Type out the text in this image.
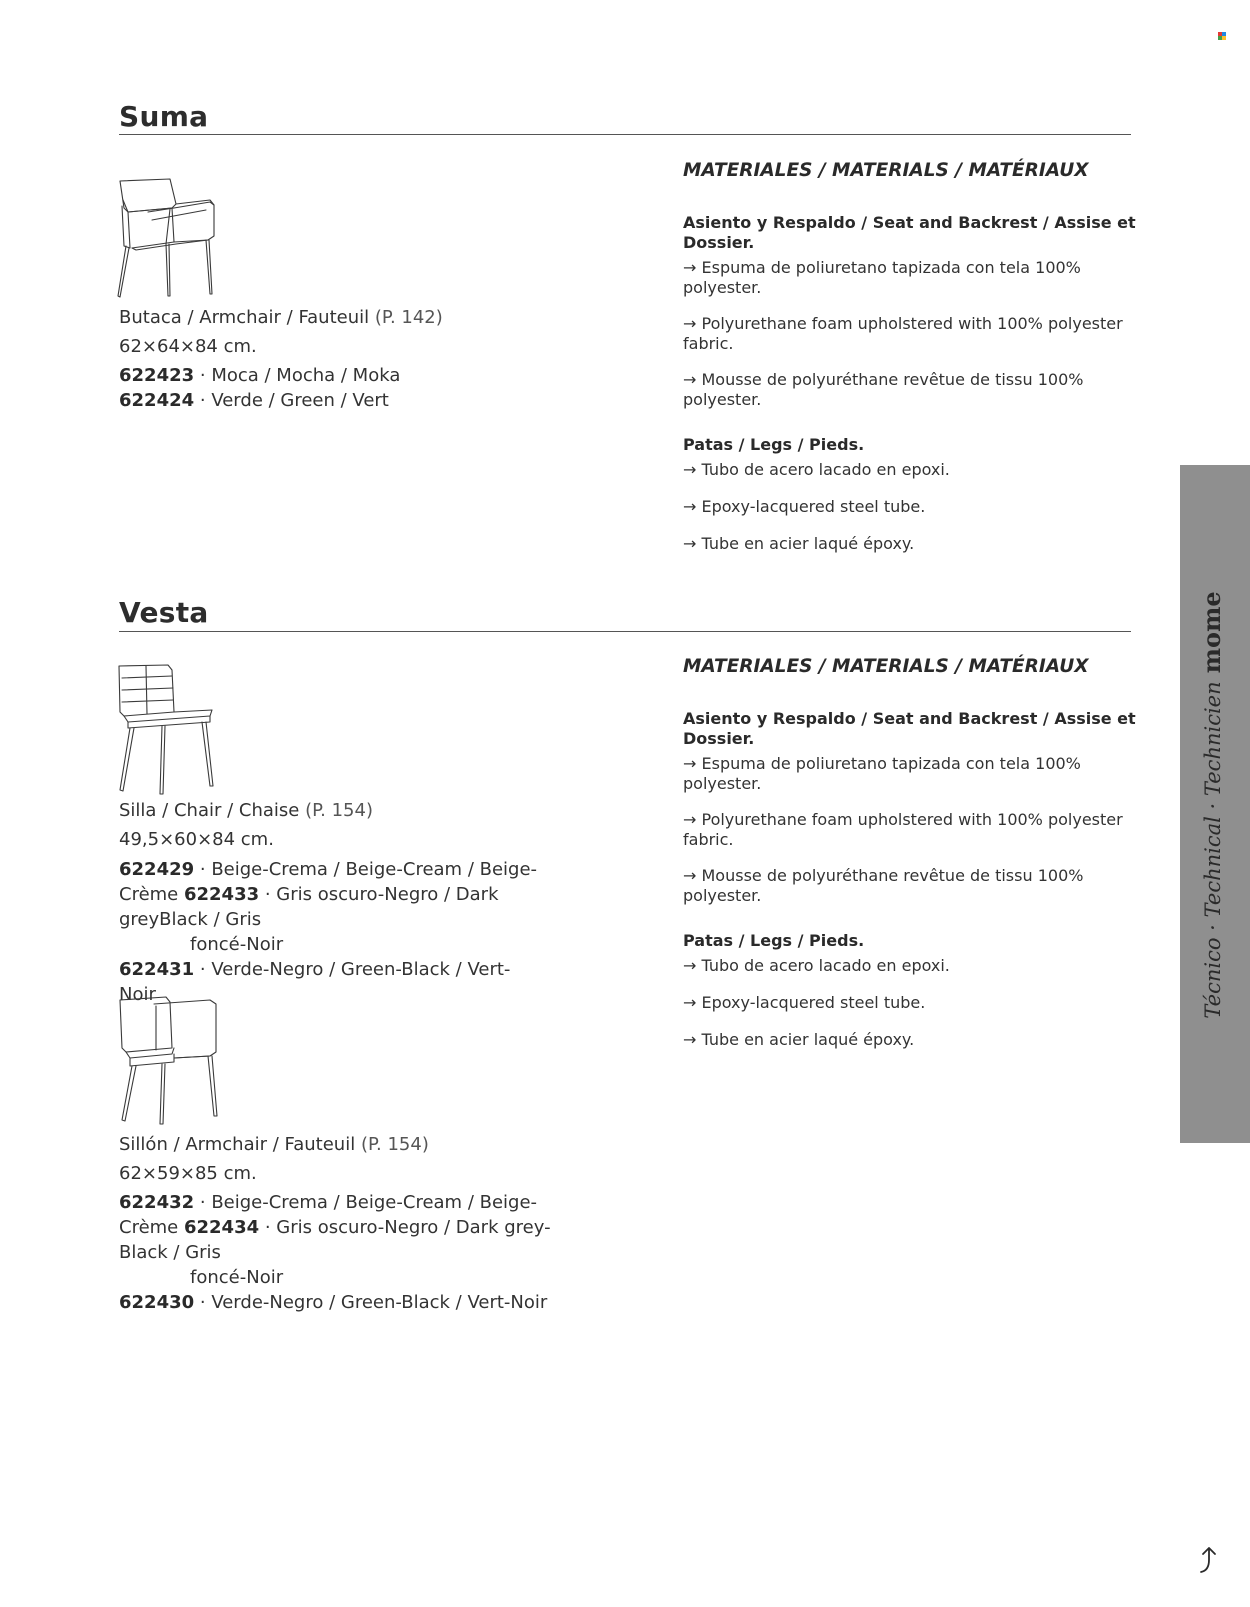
Suma
Butaca / Armchair / Fauteuil (P. 142)
62×64×84 cm.
622423 · Moca / Mocha / Moka
622424 · Verde / Green / Vert
MATERIALES / MATERIALS / MATÉRIAUX

Asiento y Respaldo / Seat and Backrest / Assise et

Dossier.

→ Espuma de poliuretano tapizada con tela 100%

polyester.

→ Polyurethane foam upholstered with 100% polyester

fabric.

→ Mousse de polyuréthane revêtue de tissu 100%

polyester.

Patas / Legs / Pieds.

→ Tubo de acero lacado en epoxi.

→ Epoxy-lacquered steel tube.

→ Tube en acier laqué époxy.

Vesta
Silla / Chair / Chaise (P. 154)
49,5×60×84 cm.
622429 · Beige-Crema / Beige-Cream / Beige-
Crème 622433 · Gris oscuro-Negro / Dark
greyBlack / Gris
foncé-Noir
622431 · Verde-Negro / Green-Black / Vert-
Noir
Sillón / Armchair / Fauteuil (P. 154)
62×59×85 cm.
622432 · Beige-Crema / Beige-Cream / Beige-
Crème 622434 · Gris oscuro-Negro / Dark grey-
Black / Gris
foncé-Noir
622430 · Verde-Negro / Green-Black / Vert-Noir
MATERIALES / MATERIALS / MATÉRIAUX

Asiento y Respaldo / Seat and Backrest / Assise et

Dossier.

→ Espuma de poliuretano tapizada con tela 100%

polyester.

→ Polyurethane foam upholstered with 100% polyester

fabric.

→ Mousse de polyuréthane revêtue de tissu 100%

polyester.

Patas / Legs / Pieds.

→ Tubo de acero lacado en epoxi.

→ Epoxy-lacquered steel tube.

→ Tube en acier laqué époxy.

Técnico · Technical · Technicienmome
